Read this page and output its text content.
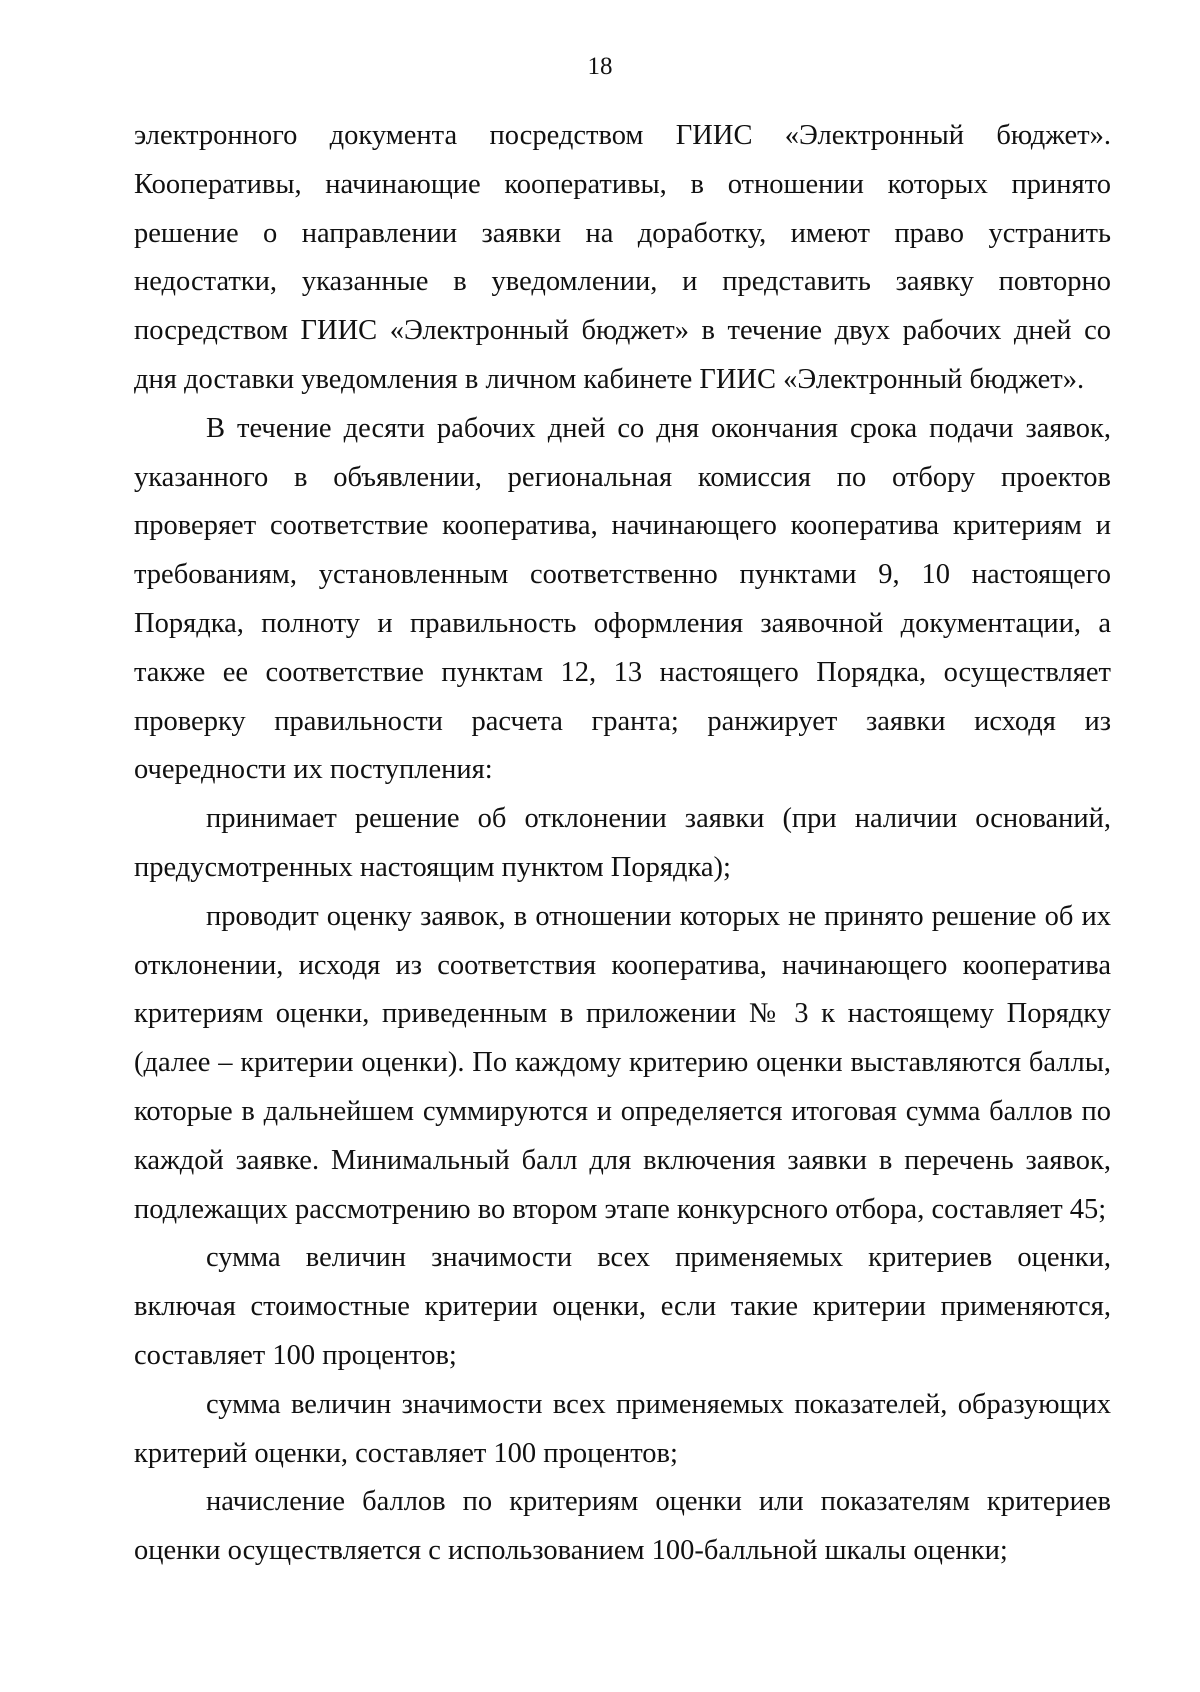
18
электронного документа посредством ГИИС «Электронный бюджет».
Кооперативы, начинающие кооперативы, в отношении которых принято
решение о направлении заявки на доработку, имеют право устранить
недостатки, указанные в уведомлении, и представить заявку повторно
посредством ГИИС «Электронный бюджет» в течение двух рабочих дней со
дня доставки уведомления в личном кабинете ГИИС «Электронный бюджет».
В течение десяти рабочих дней со дня окончания срока подачи заявок,
указанного в объявлении, региональная комиссия по отбору проектов
проверяет соответствие кооператива, начинающего кооператива критериям и
требованиям, установленным соответственно пунктами 9, 10 настоящего
Порядка, полноту и правильность оформления заявочной документации, а
также ее соответствие пунктам 12, 13 настоящего Порядка, осуществляет
проверку правильности расчета гранта; ранжирует заявки исходя из
очередности их поступления:
принимает решение об отклонении заявки (при наличии оснований,
предусмотренных настоящим пунктом Порядка);
проводит оценку заявок, в отношении которых не принято решение об их
отклонении, исходя из соответствия кооператива, начинающего кооператива
критериям оценки, приведенным в приложении № 3 к настоящему Порядку
(далее – критерии оценки). По каждому критерию оценки выставляются баллы,
которые в дальнейшем суммируются и определяется итоговая сумма баллов по
каждой заявке. Минимальный балл для включения заявки в перечень заявок,
подлежащих рассмотрению во втором этапе конкурсного отбора, составляет 45;
сумма величин значимости всех применяемых критериев оценки,
включая стоимостные критерии оценки, если такие критерии применяются,
составляет 100 процентов;
сумма величин значимости всех применяемых показателей, образующих
критерий оценки, составляет 100 процентов;
начисление баллов по критериям оценки или показателям критериев
оценки осуществляется с использованием 100-балльной шкалы оценки;
